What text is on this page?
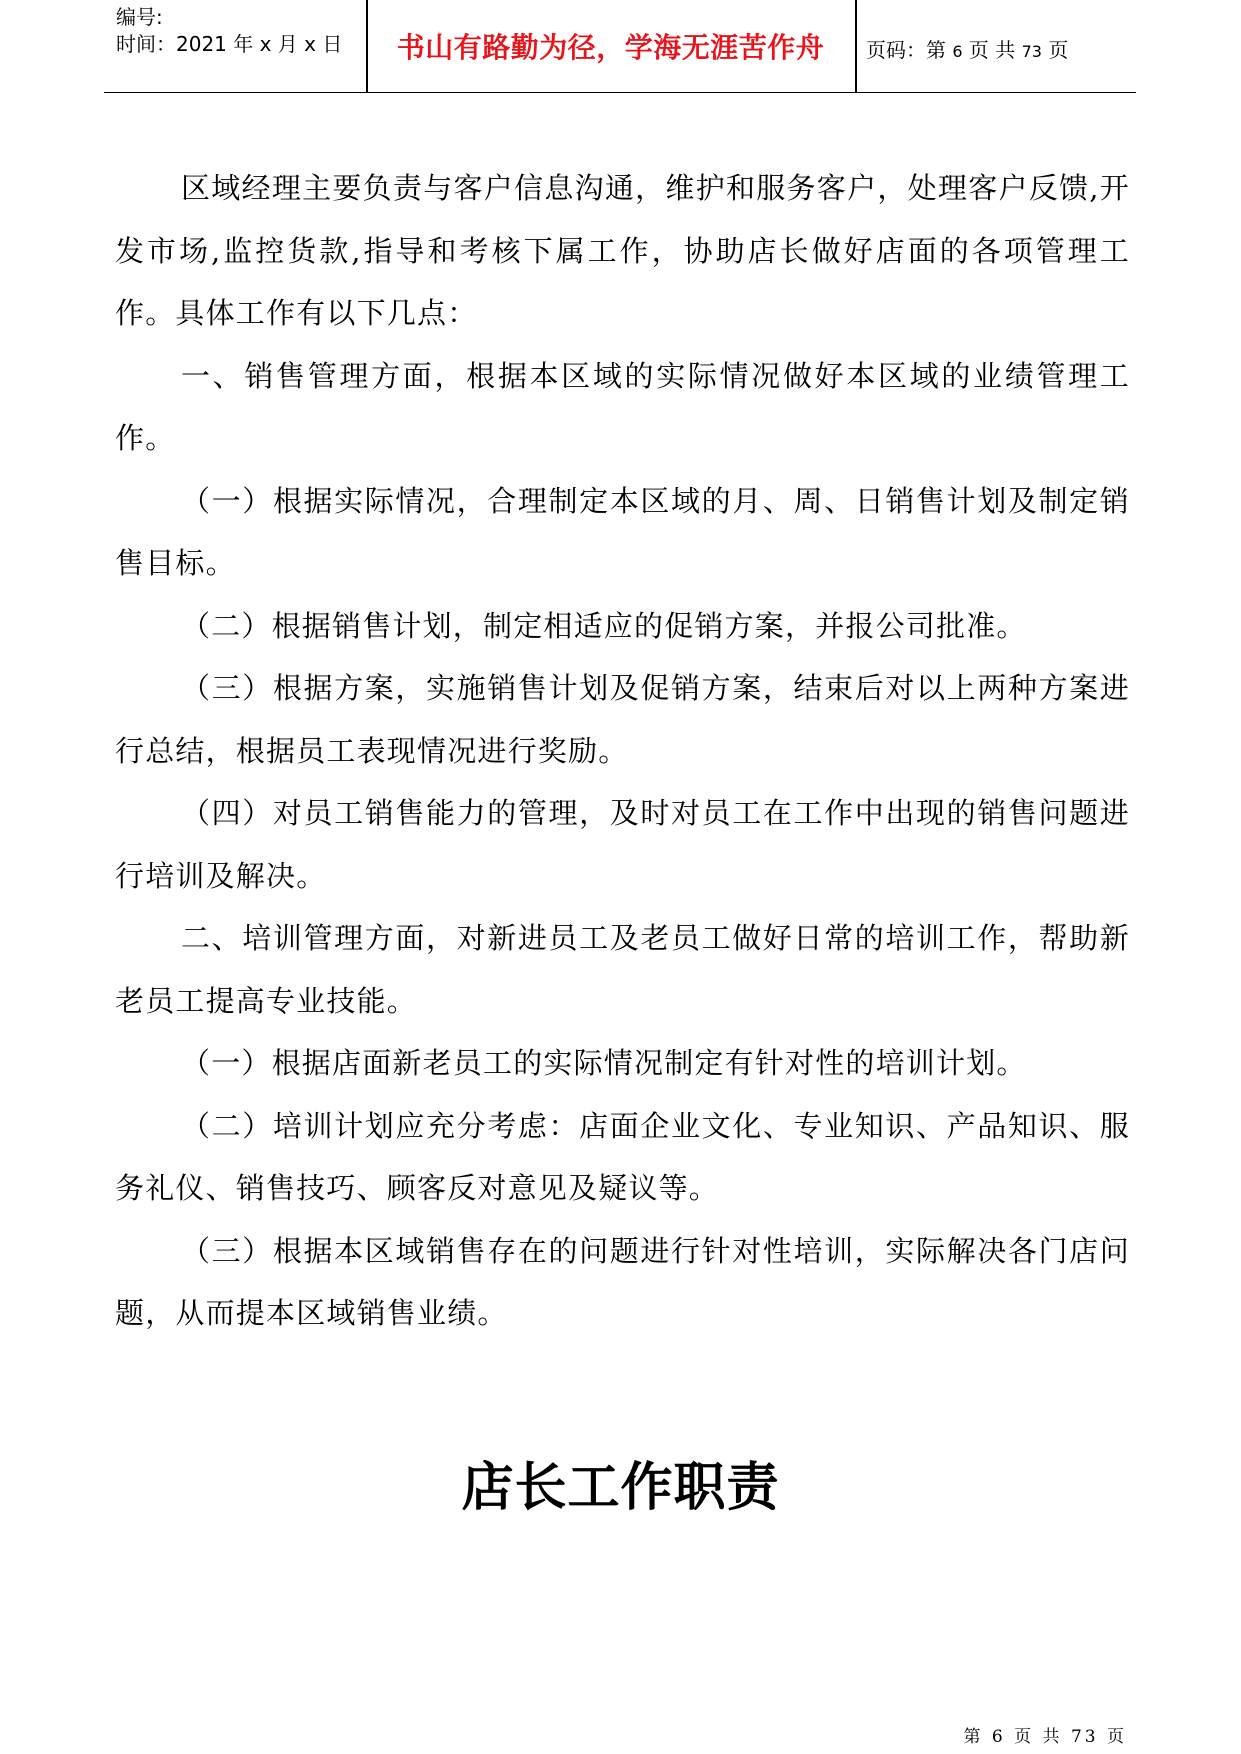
编号:
时间：2021 年 x 月 x 日	书山有路勤为径，学海无涯苦作舟	页码：第 6 页 共 73 页

区域经理主要负责与客户信息沟通，维护和服务客户，处理客户反馈,开发市场,监控货款,指导和考核下属工作，协助店长做好店面的各项管理工作。具体工作有以下几点：

一、销售管理方面，根据本区域的实际情况做好本区域的业绩管理工作。

（一）根据实际情况，合理制定本区域的月、周、日销售计划及制定销售目标。

（二）根据销售计划，制定相适应的促销方案，并报公司批准。

（三）根据方案，实施销售计划及促销方案，结束后对以上两种方案进行总结，根据员工表现情况进行奖励。

（四）对员工销售能力的管理，及时对员工在工作中出现的销售问题进行培训及解决。

二、培训管理方面，对新进员工及老员工做好日常的培训工作，帮助新老员工提高专业技能。

（一）根据店面新老员工的实际情况制定有针对性的培训计划。

（二）培训计划应充分考虑：店面企业文化、专业知识、产品知识、服务礼仪、销售技巧、顾客反对意见及疑议等。

（三）根据本区域销售存在的问题进行针对性培训，实际解决各门店问题，从而提本区域销售业绩。

店长工作职责
第 6 页 共 73 页
